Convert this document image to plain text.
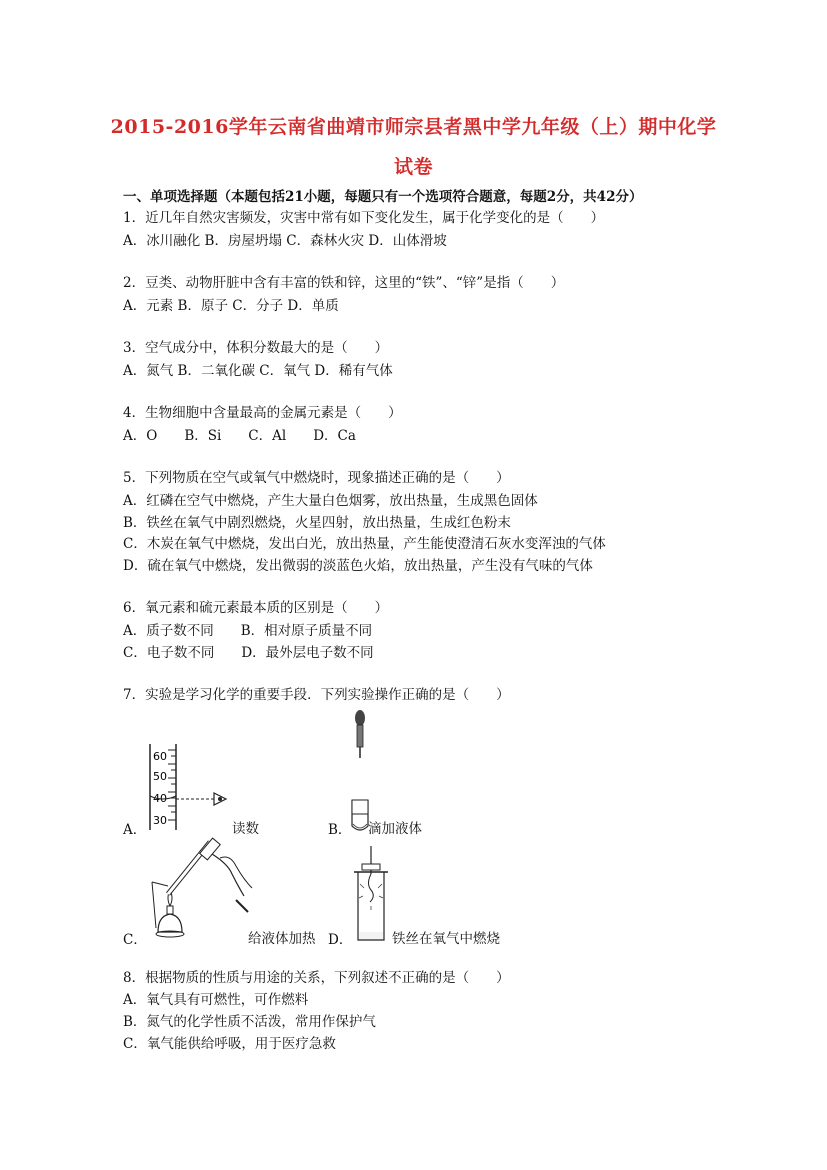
2015-2016学年云南省曲靖市师宗县者黑中学九年级（上）期中化学
试卷
一、单项选择题（本题包括21小题，每题只有一个选项符合题意，每题2分，共42分）
1．近几年自然灾害频发，灾害中常有如下变化发生，属于化学变化的是（　　）
A．冰川融化 B．房屋坍塌 C．森林火灾 D．山体滑坡
2．豆类、动物肝脏中含有丰富的铁和锌，这里的“铁”、“锌”是指（　　）
A．元素 B．原子 C．分子 D．单质
3．空气成分中，体积分数最大的是（　　）
A．氮气 B．二氧化碳 C．氧气 D．稀有气体
4．生物细胞中含量最高的金属元素是（　　）
A．O　　B．Si　　C．Al　　D．Ca
5．下列物质在空气或氧气中燃烧时，现象描述正确的是（　　）
A．红磷在空气中燃烧，产生大量白色烟雾，放出热量，生成黑色固体
B．铁丝在氧气中剧烈燃烧，火星四射，放出热量，生成红色粉末
C．木炭在氧气中燃烧，发出白光，放出热量，产生能使澄清石灰水变浑浊的气体
D．硫在氧气中燃烧，发出微弱的淡蓝色火焰，放出热量，产生没有气味的气体
6．氧元素和硫元素最本质的区别是（　　）
A．质子数不同　　B．相对原子质量不同
C．电子数不同　　D．最外层电子数不同
7．实验是学习化学的重要手段．下列实验操作正确的是（　　）
60
50
40
30
A．	读数	B． 滴加液体
C．	给液体加热 D．	铁丝在氧气中燃烧
8．根据物质的性质与用途的关系，下列叙述不正确的是（　　）
A．氧气具有可燃性，可作燃料
B．氮气的化学性质不活泼，常用作保护气
C．氧气能供给呼吸，用于医疗急救
